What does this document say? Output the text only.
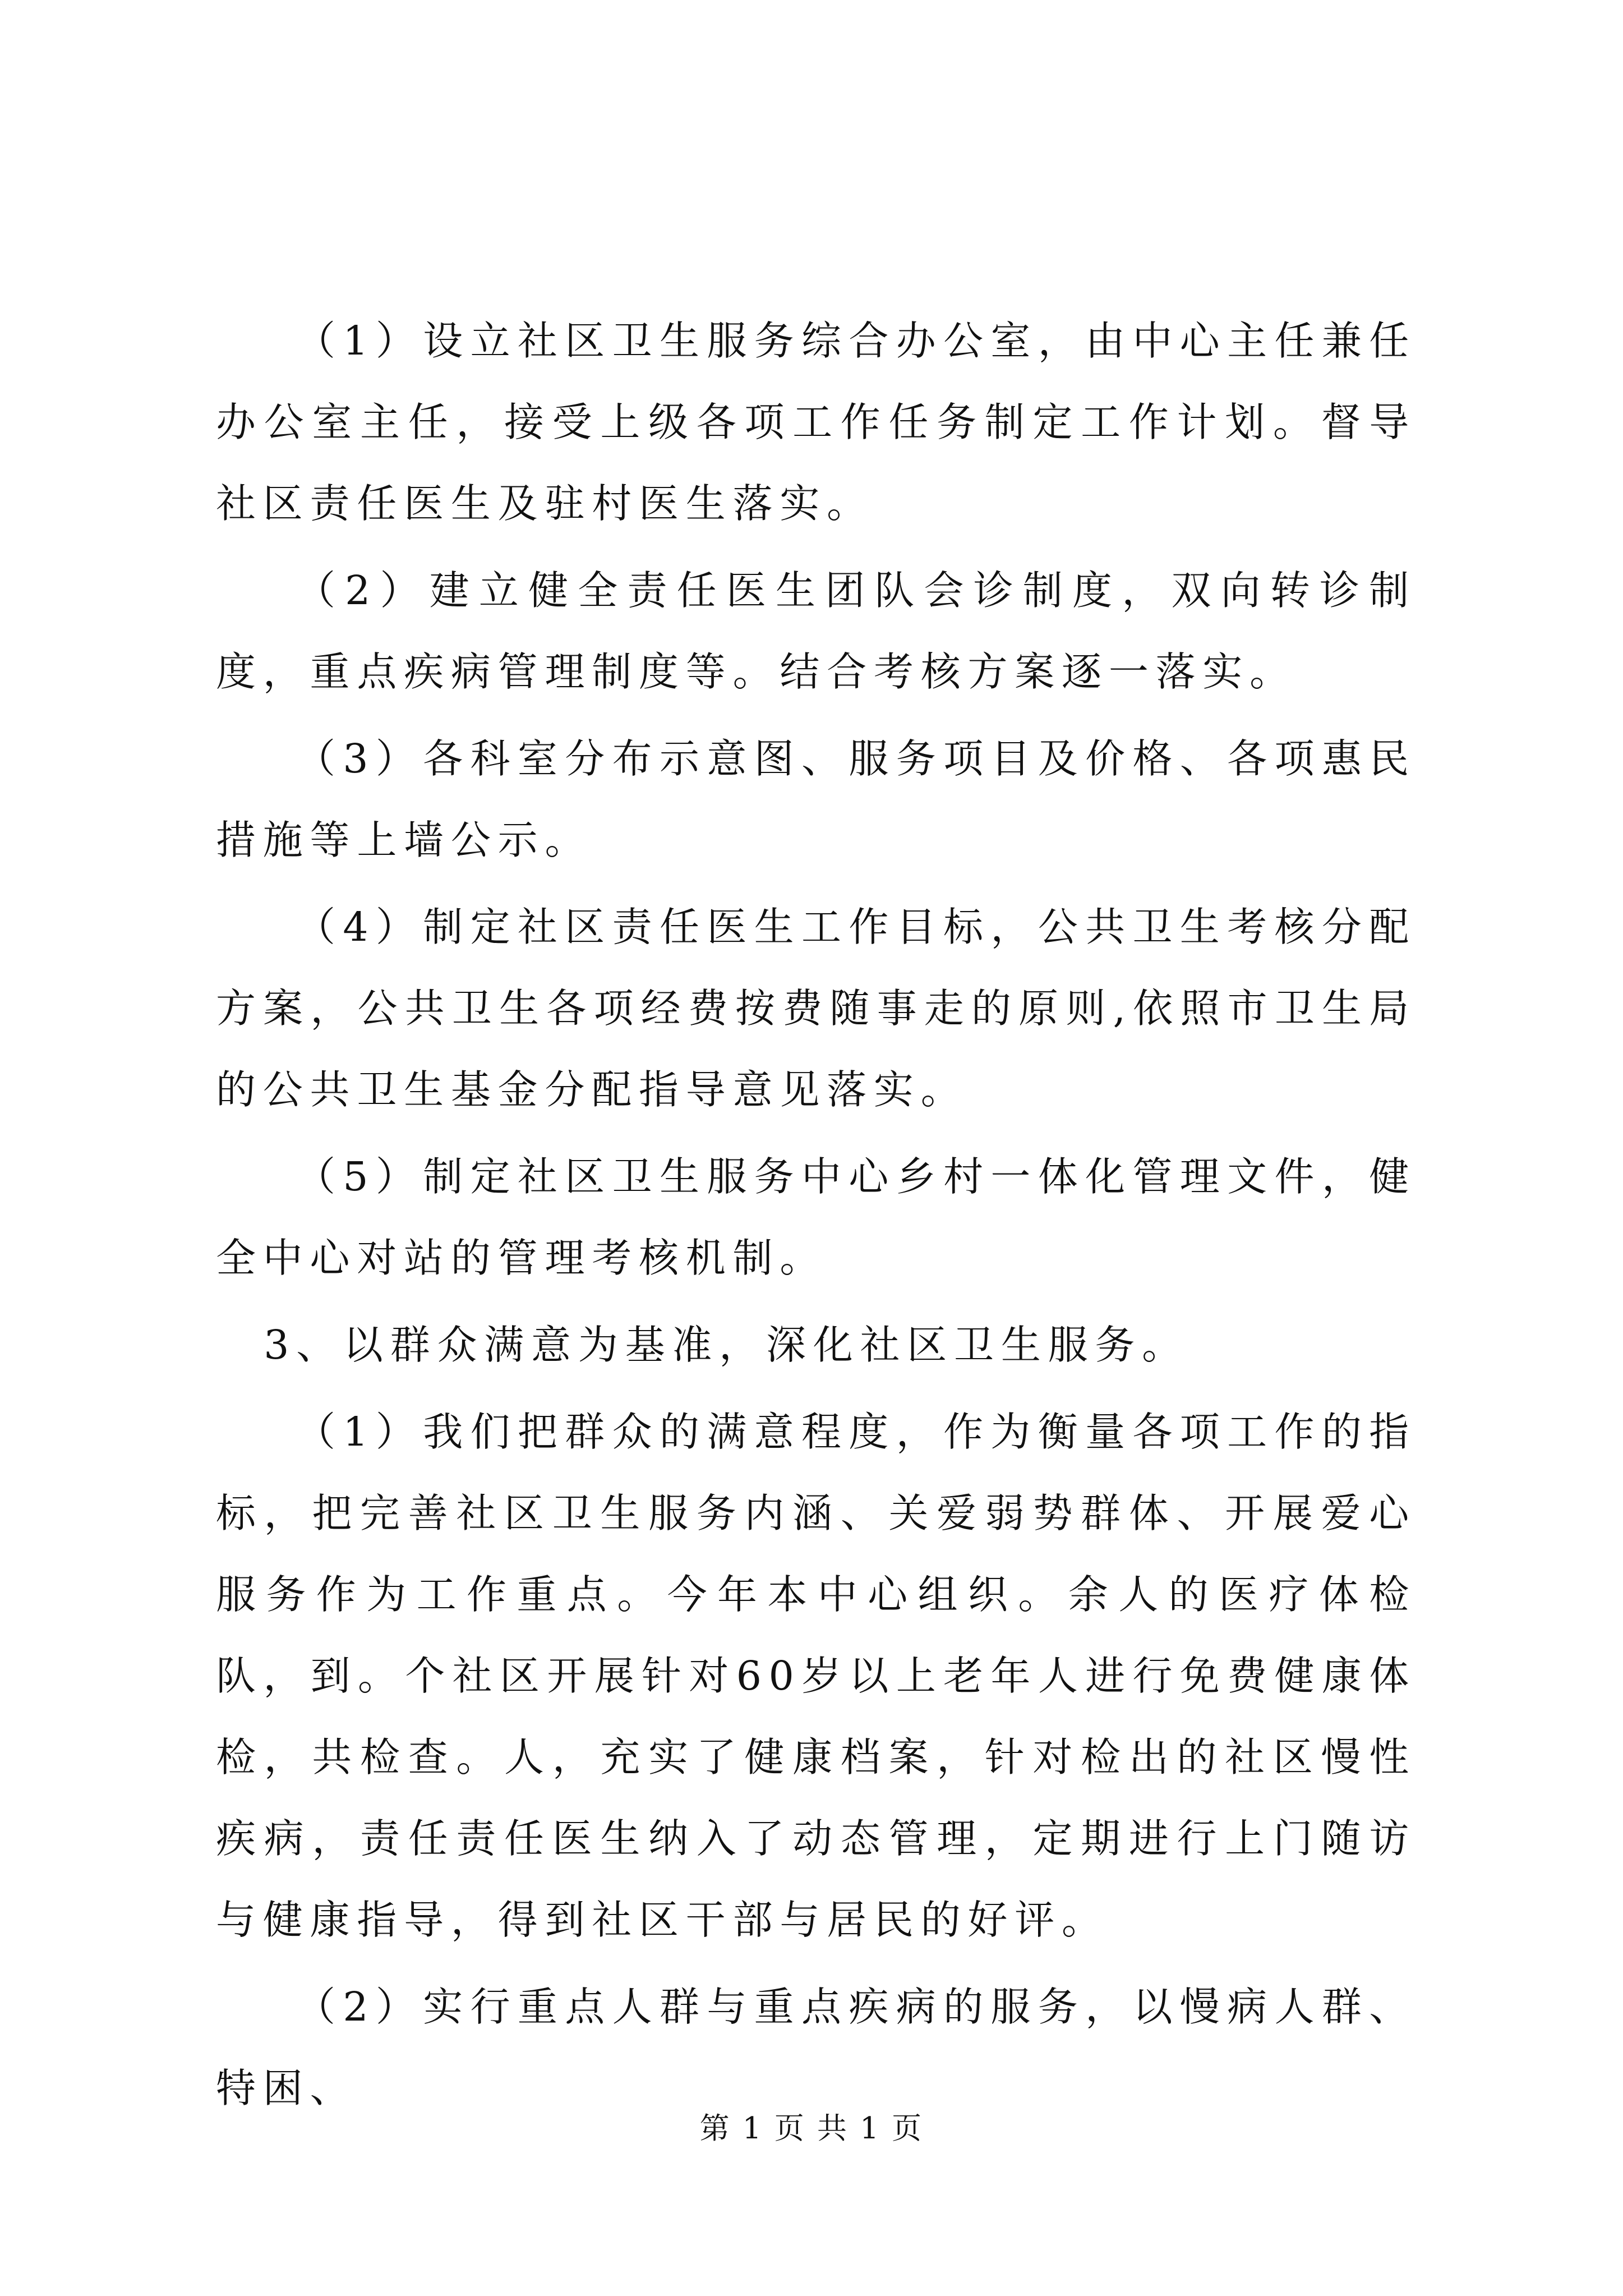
（1）设立社区卫生服务综合办公室，由中心主任兼任办公室主任，接受上级各项工作任务制定工作计划。督导社区责任医生及驻村医生落实。

（2）建立健全责任医生团队会诊制度，双向转诊制度，重点疾病管理制度等。结合考核方案逐一落实。

（3）各科室分布示意图、服务项目及价格、各项惠民措施等上墙公示。

（4）制定社区责任医生工作目标，公共卫生考核分配方案，公共卫生各项经费按费随事走的原则,依照市卫生局的公共卫生基金分配指导意见落实。

（5）制定社区卫生服务中心乡村一体化管理文件，健全中心对站的管理考核机制。

3、以群众满意为基准，深化社区卫生服务。

（1）我们把群众的满意程度，作为衡量各项工作的指标，把完善社区卫生服务内涵、关爱弱势群体、开展爱心服务作为工作重点。今年本中心组织。余人的医疗体检队，到。个社区开展针对60岁以上老年人进行免费健康体检，共检查。人，充实了健康档案，针对检出的社区慢性疾病，责任责任医生纳入了动态管理，定期进行上门随访与健康指导，得到社区干部与居民的好评。

（2）实行重点人群与重点疾病的服务，以慢病人群、特困、

第 1 页 共 1 页
